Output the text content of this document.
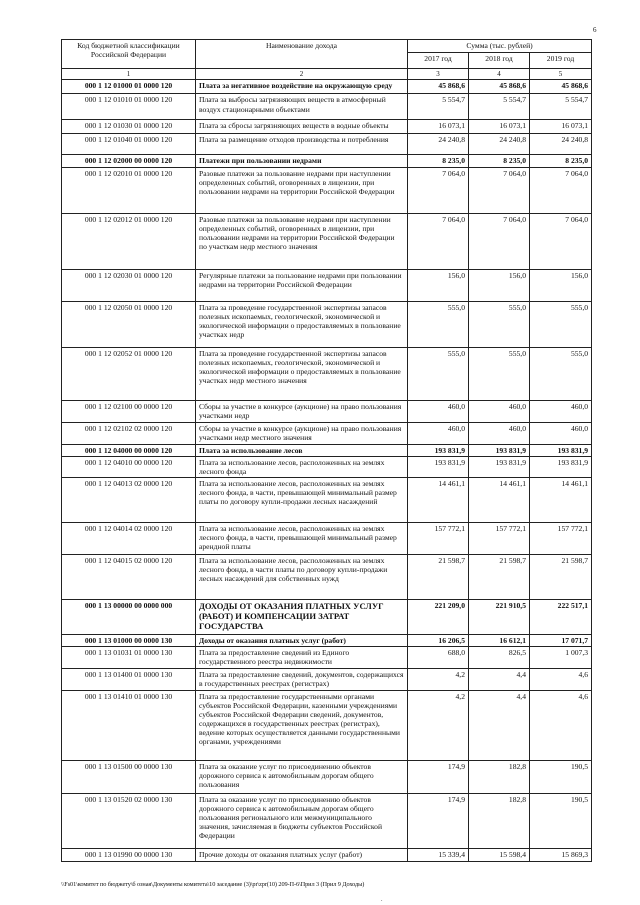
6
Код бюджетной классификации Российской Федерации	Наименование дохода	Сумма (тыс. рублей)		
		2017 год	2018 год	2019 год
1	2	3	4	5
000 1 12 01000 01 0000 120	Плата за негативное воздействие на окружающую среду	45 868,6	45 868,6	45 868,6
000 1 12 01010 01 0000 120	Плата за выбросы загрязняющих веществ в атмосферный воздух стационарными объектами	5 554,7	5 554,7	5 554,7
000 1 12 01030 01 0000 120	Плата за сбросы загрязняющих веществ в водные объекты	16 073,1	16 073,1	16 073,1
000 1 12 01040 01 0000 120	Плата за размещение отходов производства и потребления	24 240,8	24 240,8	24 240,8
000 1 12 02000 00 0000 120	Платежи при пользовании недрами	8 235,0	8 235,0	8 235,0
000 1 12 02010 01 0000 120	Разовые платежи за пользование недрами при наступлении определенных событий, оговоренных в лицензии, при пользовании недрами на территории Российской Федерации	7 064,0	7 064,0	7 064,0
000 1 12 02012 01 0000 120	Разовые платежи за пользование недрами при наступлении определенных событий, оговоренных в лицензии, при пользовании недрами на территории Российской Федерации по участкам недр местного значения	7 064,0	7 064,0	7 064,0
000 1 12 02030 01 0000 120	Регулярные платежи за пользование недрами при пользовании недрами на территории Российской Федерации	156,0	156,0	156,0
000 1 12 02050 01 0000 120	Плата за проведение государственной экспертизы запасов полезных ископаемых, геологической, экономической и экологической информации о предоставляемых в пользование участках недр	555,0	555,0	555,0
000 1 12 02052 01 0000 120	Плата за проведение государственной экспертизы запасов полезных ископаемых, геологической, экономической и экологической информации о предоставляемых в пользование участках недр местного значения	555,0	555,0	555,0
000 1 12 02100 00 0000 120	Сборы за участие в конкурсе (аукционе) на право пользования участками недр	460,0	460,0	460,0
000 1 12 02102 02 0000 120	Сборы за участие в конкурсе (аукционе) на право пользования участками недр местного значения	460,0	460,0	460,0
000 1 12 04000 00 0000 120	Плата за использование лесов	193 831,9	193 831,9	193 831,9
000 1 12 04010 00 0000 120	Плата за использование лесов, расположенных на землях лесного фонда	193 831,9	193 831,9	193 831,9
000 1 12 04013 02 0000 120	Плата за использование лесов, расположенных на землях лесного фонда, в части, превышающей минимальный размер платы по договору купли-продажи лесных насаждений	14 461,1	14 461,1	14 461,1
000 1 12 04014 02 0000 120	Плата за использование лесов, расположенных на землях лесного фонда, в части, превышающей минимальный размер арендной платы	157 772,1	157 772,1	157 772,1
000 1 12 04015 02 0000 120	Плата за использование лесов, расположенных на землях лесного фонда, в части платы по договору купли-продажи лесных насаждений для собственных нужд	21 598,7	21 598,7	21 598,7
000 1 13 00000 00 0000 000	ДОХОДЫ ОТ ОКАЗАНИЯ ПЛАТНЫХ УСЛУГ (РАБОТ) И КОМПЕНСАЦИИ ЗАТРАТ ГОСУДАРСТВА	221 209,0	221 910,5	222 517,1
000 1 13 01000 00 0000 130	Доходы от оказания платных услуг (работ)	16 206,5	16 612,1	17 071,7
000 1 13 01031 01 0000 130	Плата за предоставление сведений из Единого государственного реестра недвижимости	688,0	826,5	1 007,3
000 1 13 01400 01 0000 130	Плата за предоставление сведений, документов, содержащихся в государственных реестрах (регистрах)	4,2	4,4	4,6
000 1 13 01410 01 0000 130	Плата за предоставление государственными органами субъектов Российской Федерации, казенными учреждениями субъектов Российской Федерации сведений, документов, содержащихся в государственных реестрах (регистрах), ведение которых осуществляется данными государственными органами, учреждениями	4,2	4,4	4,6
000 1 13 01500 00 0000 130	Плата за оказание услуг по присоединению объектов дорожного сервиса к автомобильным дорогам общего пользования	174,9	182,8	190,5
000 1 13 01520 02 0000 130	Плата за оказание услуг по присоединению объектов дорожного сервиса к автомобильным дорогам общего пользования регионального или межмуниципального значения, зачисляемая в бюджеты субъектов Российской Федерации	174,9	182,8	190,5
000 1 13 01990 00 0000 130	Прочие доходы от оказания платных услуг (работ)	15 339,4	15 598,4	15 869,3
\\Fs01\комитет по бюджету\б озная\Документы комитета\10 заседание (3)\pr\zpr(10) 209-П-6\Прил 3 (Прил 9 Доходы)
.
